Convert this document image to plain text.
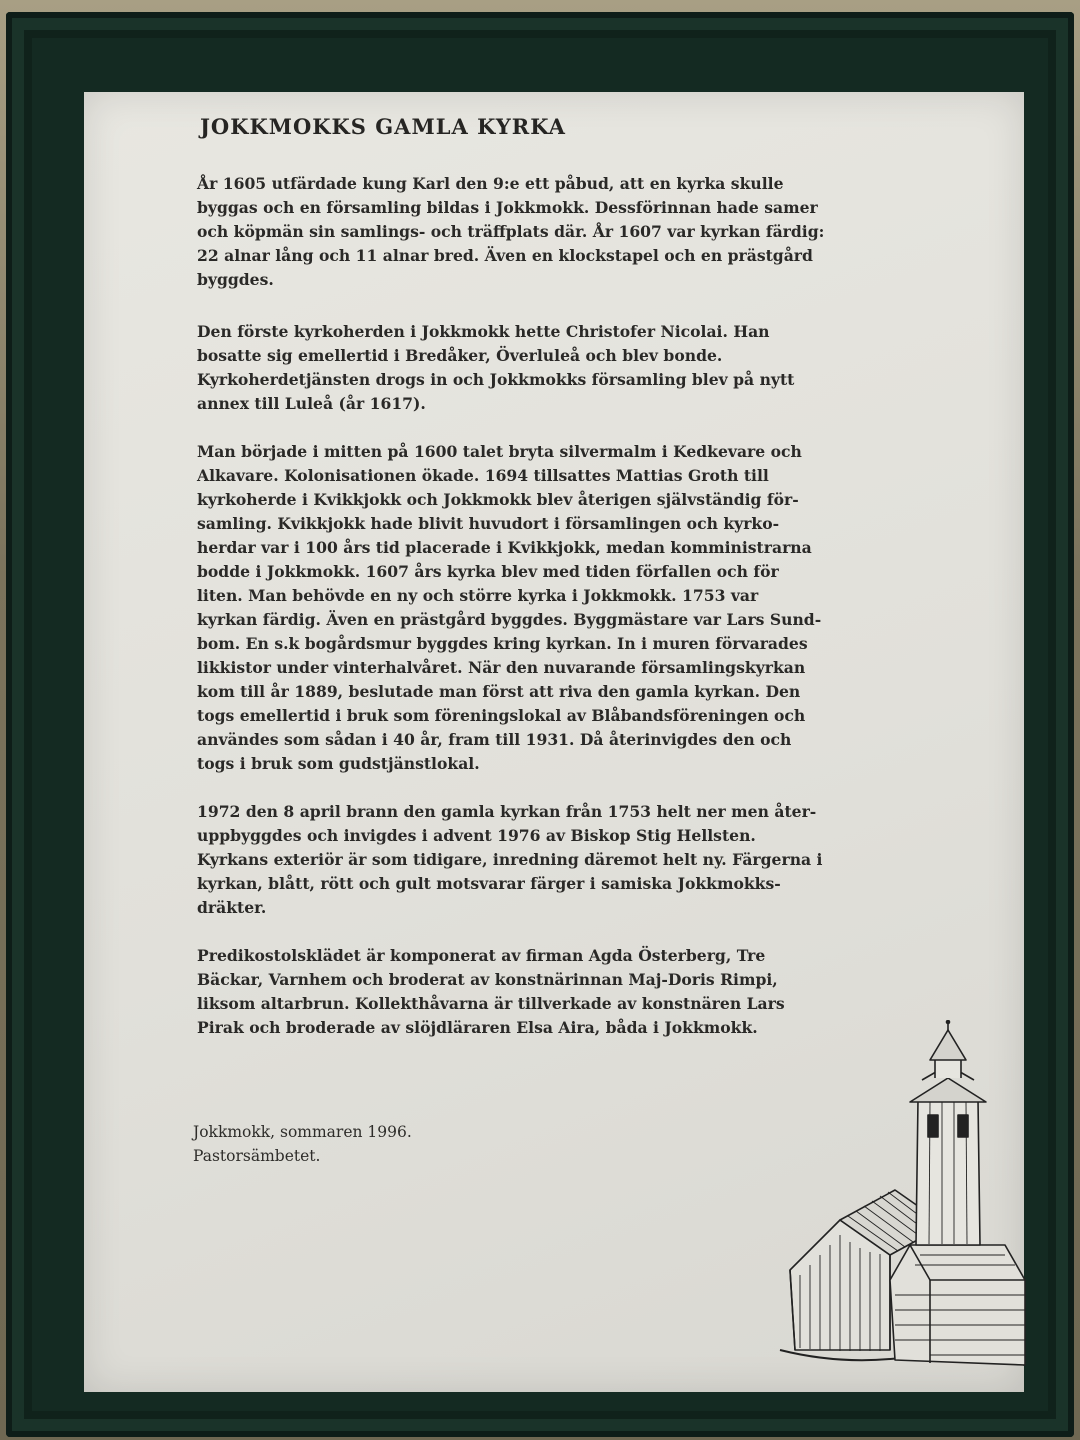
JOKKMOKKS GAMLA KYRKA

År 1605 utfärdade kung Karl den 9:e ett påbud, att en kyrka skulle
byggas och en församling bildas i Jokkmokk. Dessförinnan hade samer
och köpmän sin samlings- och träffplats där. År 1607 var kyrkan färdig:
22 alnar lång och 11 alnar bred. Även en klockstapel och en prästgård
byggdes.

Den förste kyrkoherden i Jokkmokk hette Christofer Nicolai. Han
bosatte sig emellertid i Bredåker, Överluleå och blev bonde.
Kyrkoherdetjänsten drogs in och Jokkmokks församling blev på nytt
annex till Luleå (år 1617).

Man började i mitten på 1600 talet bryta silvermalm i Kedkevare och
Alkavare. Kolonisationen ökade. 1694 tillsattes Mattias Groth till
kyrkoherde i Kvikkjokk och Jokkmokk blev återigen självständig för-
samling. Kvikkjokk hade blivit huvudort i församlingen och kyrko-
herdar var i 100 års tid placerade i Kvikkjokk, medan komministrarna
bodde i Jokkmokk. 1607 års kyrka blev med tiden förfallen och för
liten. Man behövde en ny och större kyrka i Jokkmokk. 1753 var
kyrkan färdig. Även en prästgård byggdes. Byggmästare var Lars Sund-
bom. En s.k bogårdsmur byggdes kring kyrkan. In i muren förvarades
likkistor under vinterhalvåret. När den nuvarande församlingskyrkan
kom till år 1889, beslutade man först att riva den gamla kyrkan. Den
togs emellertid i bruk som föreningslokal av Blåbandsföreningen och
användes som sådan i 40 år, fram till 1931. Då återinvigdes den och
togs i bruk som gudstjänstlokal.

1972 den 8 april brann den gamla kyrkan från 1753 helt ner men åter-
uppbyggdes och invigdes i advent 1976 av Biskop Stig Hellsten.
Kyrkans exteriör är som tidigare, inredning däremot helt ny. Färgerna i
kyrkan, blått, rött och gult motsvarar färger i samiska Jokkmokks-
dräkter.

Predikostolsklädet är komponerat av firman Agda Österberg, Tre
Bäckar, Varnhem och broderat av konstnärinnan Maj-Doris Rimpi,
liksom altarbrun. Kollekthåvarna är tillverkade av konstnären Lars
Pirak och broderade av slöjdläraren Elsa Aira, båda i Jokkmokk.

Jokkmokk, sommaren 1996.
Pastorsämbetet.
